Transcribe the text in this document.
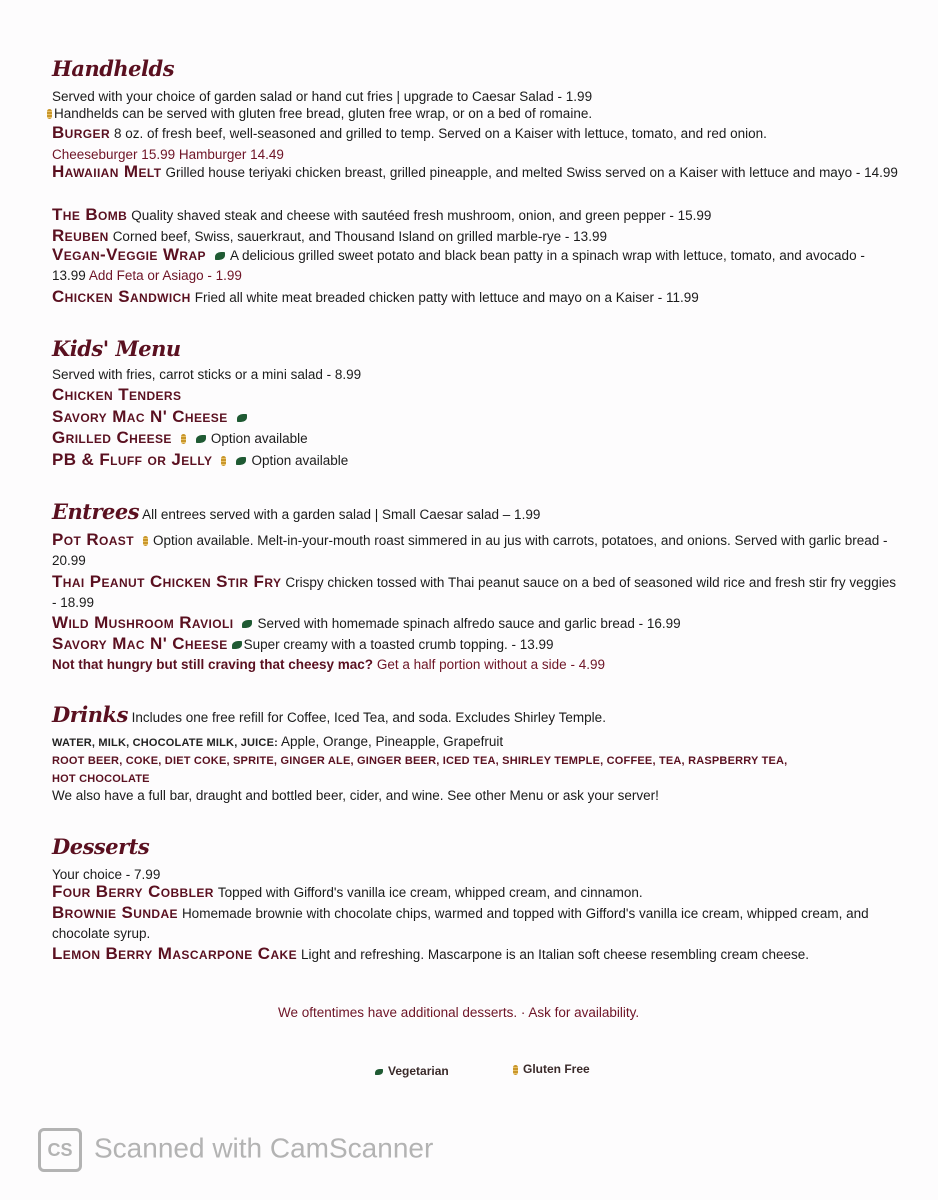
Handhelds
Served with your choice of garden salad or hand cut fries | upgrade to Caesar Salad - 1.99
Handhelds can be served with gluten free bread, gluten free wrap, or on a bed of romaine.
Burger 8 oz. of fresh beef, well-seasoned and grilled to temp. Served on a Kaiser with lettuce, tomato, and red onion.
Cheeseburger 15.99 Hamburger 14.49
Hawaiian Melt Grilled house teriyaki chicken breast, grilled pineapple, and melted Swiss served on a Kaiser with lettuce and mayo - 14.99
The Bomb Quality shaved steak and cheese with sautéed fresh mushroom, onion, and green pepper - 15.99
Reuben Corned beef, Swiss, sauerkraut, and Thousand Island on grilled marble-rye - 13.99
Vegan-Veggie Wrap A delicious grilled sweet potato and black bean patty in a spinach wrap with lettuce, tomato, and avocado - 13.99 Add Feta or Asiago - 1.99
Chicken Sandwich Fried all white meat breaded chicken patty with lettuce and mayo on a Kaiser - 11.99
Kids' Menu
Served with fries, carrot sticks or a mini salad - 8.99
Chicken Tenders
Savory Mac N' Cheese
Grilled Cheese	Option available
PB & Fluff or Jelly	Option available
Entrees All entrees served with a garden salad | Small Caesar salad – 1.99
Pot Roast Option available. Melt-in-your-mouth roast simmered in au jus with carrots, potatoes, and onions. Served with garlic bread - 20.99
Thai Peanut Chicken Stir Fry Crispy chicken tossed with Thai peanut sauce on a bed of seasoned wild rice and fresh stir fry veggies - 18.99
Wild Mushroom Ravioli Served with homemade spinach alfredo sauce and garlic bread - 16.99
Savory Mac N' Cheese Super creamy with a toasted crumb topping. - 13.99
Not that hungry but still craving that cheesy mac? Get a half portion without a side - 4.99
Drinks Includes one free refill for Coffee, Iced Tea, and soda. Excludes Shirley Temple.
WATER, MILK, CHOCOLATE MILK, JUICE: Apple, Orange, Pineapple, Grapefruit
ROOT BEER, COKE, DIET COKE, SPRITE, GINGER ALE, GINGER BEER, ICED TEA, SHIRLEY TEMPLE, COFFEE, TEA, RASPBERRY TEA,
HOT CHOCOLATE
We also have a full bar, draught and bottled beer, cider, and wine. See other Menu or ask your server!
Desserts
Your choice - 7.99
Four Berry Cobbler Topped with Gifford's vanilla ice cream, whipped cream, and cinnamon.
Brownie Sundae Homemade brownie with chocolate chips, warmed and topped with Gifford's vanilla ice cream, whipped cream, and chocolate syrup.
Lemon Berry Mascarpone Cake Light and refreshing. Mascarpone is an Italian soft cheese resembling cream cheese.
We oftentimes have additional desserts. · Ask for availability.
Vegetarian	Gluten Free
CS Scanned with CamScanner
